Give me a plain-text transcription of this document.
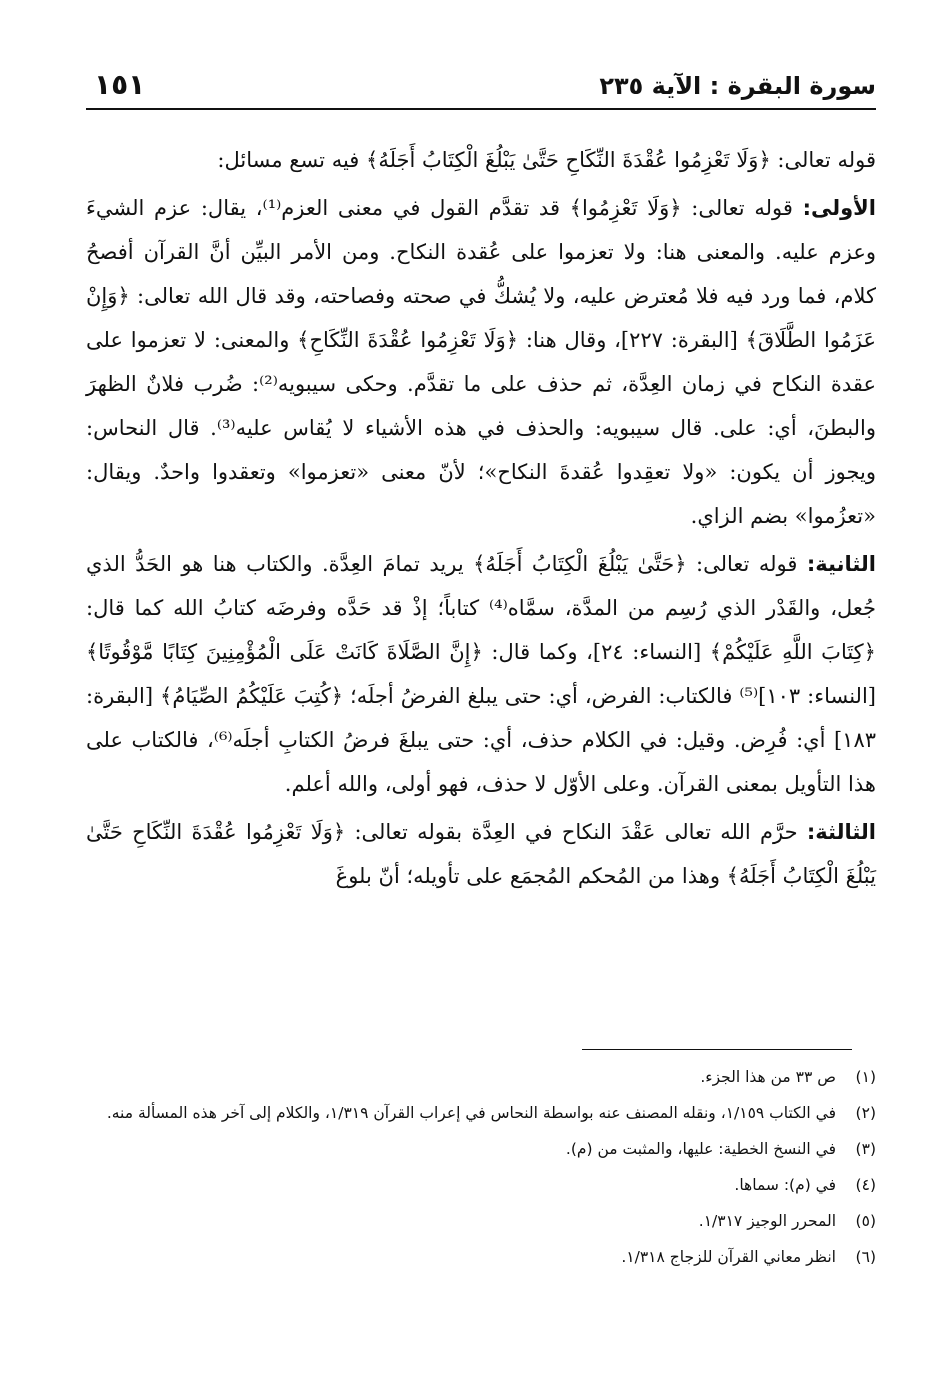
سورة البقرة : الآية ٢٣٥
١٥١

قوله تعالى: ﴿وَلَا تَعْزِمُوا عُقْدَةَ النِّكَاحِ حَتَّىٰ يَبْلُغَ الْكِتَابُ أَجَلَهُ﴾ فيه تسع مسائل:

الأولى: قوله تعالى: ﴿وَلَا تَعْزِمُوا﴾ قد تقدَّم القول في معنى العزم⁽¹⁾، يقال: عزم الشيءَ وعزم عليه. والمعنى هنا: ولا تعزموا على عُقدة النكاح. ومن الأمر البيِّن أنَّ القرآن أفصحُ كلام، فما ورد فيه فلا مُعترض عليه، ولا يُشكُّ في صحته وفصاحته، وقد قال الله تعالى: ﴿وَإِنْ عَزَمُوا الطَّلَاقَ﴾ [البقرة: ٢٢٧]، وقال هنا: ﴿وَلَا تَعْزِمُوا عُقْدَةَ النِّكَاحِ﴾ والمعنى: لا تعزموا على عقدة النكاح في زمان العِدَّة، ثم حذف على ما تقدَّم. وحكى سيبويه⁽²⁾: ضُرب فلانٌ الظهرَ والبطنَ، أي: على. قال سيبويه: والحذف في هذه الأشياء لا يُقاس عليه⁽³⁾. قال النحاس: ويجوز أن يكون: «ولا تعقِدوا عُقدةَ النكاح»؛ لأنّ معنى «تعزموا» وتعقدوا واحدٌ. ويقال: «تعزُموا» بضم الزاي.

الثانية: قوله تعالى: ﴿حَتَّىٰ يَبْلُغَ الْكِتَابُ أَجَلَهُ﴾ يريد تمامَ العِدَّة. والكتاب هنا هو الحَدُّ الذي جُعل، والقَدْر الذي رُسِم من المدَّة، سمَّاه⁽⁴⁾ كتاباً؛ إذْ قد حَدَّه وفرضَه كتابُ الله كما قال: ﴿كِتَابَ اللَّهِ عَلَيْكُمْ﴾ [النساء: ٢٤]، وكما قال: ﴿إِنَّ الصَّلَاةَ كَانَتْ عَلَى الْمُؤْمِنِينَ كِتَابًا مَّوْقُوتًا﴾ [النساء: ١٠٣]⁽⁵⁾ فالكتاب: الفرض، أي: حتى يبلغ الفرضُ أجلَه؛ ﴿كُتِبَ عَلَيْكُمُ الصِّيَامُ﴾ [البقرة: ١٨٣] أي: فُرِض. وقيل: في الكلام حذف، أي: حتى يبلغَ فرضُ الكتابِ أجلَه⁽⁶⁾، فالكتاب على هذا التأويل بمعنى القرآن. وعلى الأوّل لا حذف، فهو أولى، والله أعلم.

الثالثة: حرَّم الله تعالى عَقْدَ النكاح في العِدَّة بقوله تعالى: ﴿وَلَا تَعْزِمُوا عُقْدَةَ النِّكَاحِ حَتَّىٰ يَبْلُغَ الْكِتَابُ أَجَلَهُ﴾ وهذا من المُحكم المُجمَع على تأويله؛ أنّ بلوغَ

(١)
ص ٣٣ من هذا الجزء.
(٢)
في الكتاب ١/١٥٩، ونقله المصنف عنه بواسطة النحاس في إعراب القرآن ١/٣١٩، والكلام إلى آخر هذه المسألة منه.
(٣)
في النسخ الخطية: عليها، والمثبت من (م).
(٤)
في (م): سماها.
(٥)
المحرر الوجيز ١/٣١٧.
(٦)
انظر معاني القرآن للزجاج ١/٣١٨.
